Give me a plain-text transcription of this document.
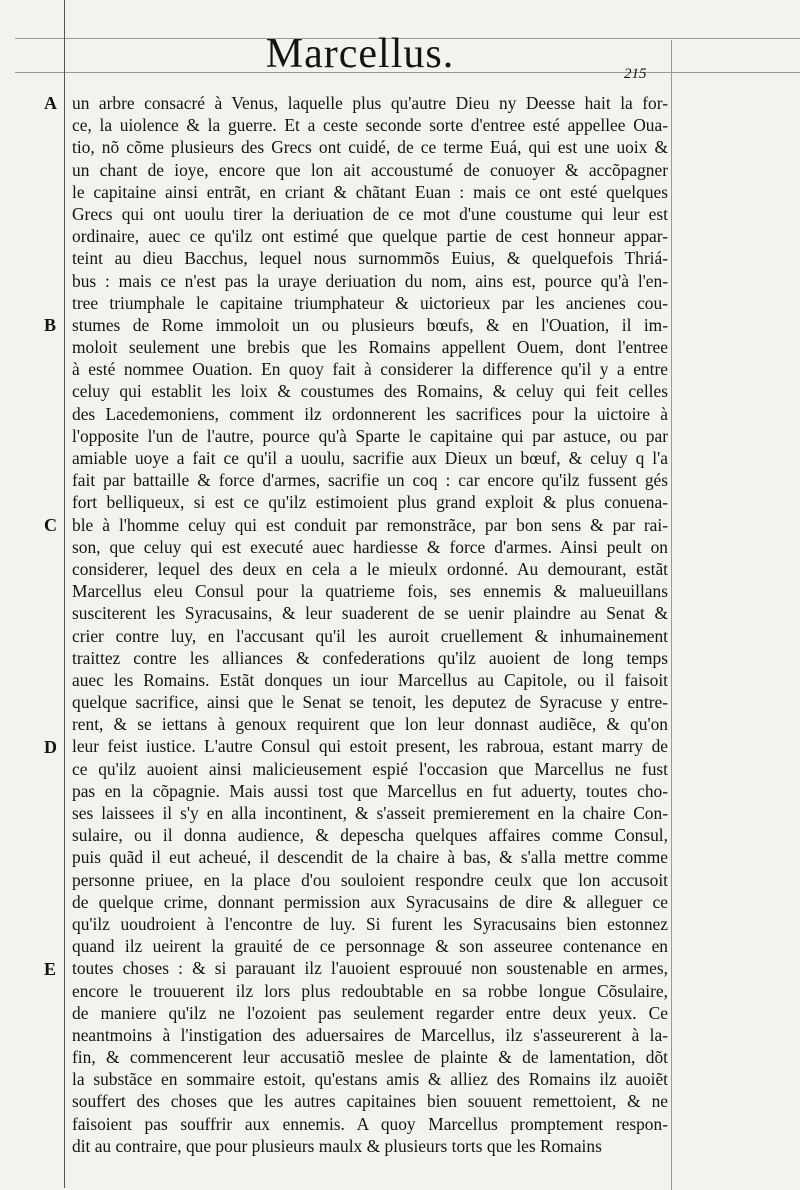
Marcellus.	215
A
B
C
D
E
un arbre consacré à Venus, laquelle plus qu'autre Dieu ny Deesse hait la for-
ce, la uiolence & la guerre. Et a ceste seconde sorte d'entree esté appellee Oua-
tio, nõ cõme plusieurs des Grecs ont cuidé, de ce terme Euá, qui est une uoix &
un chant de ioye, encore que lon ait accoustumé de conuoyer & accõpagner
le capitaine ainsi entrãt, en criant & chãtant Euan : mais ce ont esté quelques
Grecs qui ont uoulu tirer la deriuation de ce mot d'une coustume qui leur est
ordinaire, auec ce qu'ilz ont estimé que quelque partie de cest honneur appar-
teint au dieu Bacchus, lequel nous surnommõs Euius, & quelquefois Thriá-
bus : mais ce n'est pas la uraye deriuation du nom, ains est, pource qu'à l'en-
tree triumphale le capitaine triumphateur & uictorieux par les ancienes cou-
stumes de Rome immoloit un ou plusieurs bœufs, & en l'Ouation, il im-
moloit seulement une brebis que les Romains appellent Ouem, dont l'entree
à esté nommee Ouation. En quoy fait à considerer la difference qu'il y a entre
celuy qui establit les loix & coustumes des Romains, & celuy qui feit celles
des Lacedemoniens, comment ilz ordonnerent les sacrifices pour la uictoire à
l'opposite l'un de l'autre, pource qu'à Sparte le capitaine qui par astuce, ou par
amiable uoye a fait ce qu'il a uoulu, sacrifie aux Dieux un bœuf, & celuy q l'a
fait par battaille & force d'armes, sacrifie un coq : car encore qu'ilz fussent gés
fort belliqueux, si est ce qu'ilz estimoient plus grand exploit & plus conuena-
ble à l'homme celuy qui est conduit par remonstrãce, par bon sens & par rai-
son, que celuy qui est executé auec hardiesse & force d'armes. Ainsi peult on
considerer, lequel des deux en cela a le mieulx ordonné. Au demourant, estãt
Marcellus eleu Consul pour la quatrieme fois, ses ennemis & malueuillans
susciterent les Syracusains, & leur suaderent de se uenir plaindre au Senat &
crier contre luy, en l'accusant qu'il les auroit cruellement & inhumainement
traittez contre les alliances & confederations qu'ilz auoient de long temps
auec les Romains. Estãt donques un iour Marcellus au Capitole, ou il faisoit
quelque sacrifice, ainsi que le Senat se tenoit, les deputez de Syracuse y entre-
rent, & se iettans à genoux requirent que lon leur donnast audiẽce, & qu'on
leur feist iustice. L'autre Consul qui estoit present, les rabroua, estant marry de
ce qu'ilz auoient ainsi malicieusement espié l'occasion que Marcellus ne fust
pas en la cõpagnie. Mais aussi tost que Marcellus en fut aduerty, toutes cho-
ses laissees il s'y en alla incontinent, & s'asseit premierement en la chaire Con-
sulaire, ou il donna audience, & depescha quelques affaires comme Consul,
puis quãd il eut acheué, il descendit de la chaire à bas, & s'alla mettre comme
personne priuee, en la place d'ou souloient respondre ceulx que lon accusoit
de quelque crime, donnant permission aux Syracusains de dire & alleguer ce
qu'ilz uoudroient à l'encontre de luy. Si furent les Syracusains bien estonnez
quand ilz ueirent la grauité de ce personnage & son asseuree contenance en
toutes choses : & si parauant ilz l'auoient esprouué non soustenable en armes,
encore le trouuerent ilz lors plus redoubtable en sa robbe longue Cõsulaire,
de maniere qu'ilz ne l'ozoient pas seulement regarder entre deux yeux. Ce
neantmoins à l'instigation des aduersaires de Marcellus, ilz s'asseurerent à la-
fin, & commencerent leur accusatiõ meslee de plainte & de lamentation, dõt
la substãce en sommaire estoit, qu'estans amis & alliez des Romains ilz auoiẽt
souffert des choses que les autres capitaines bien souuent remettoient, & ne
faisoient pas souffrir aux ennemis. A quoy Marcellus promptement respon-
dit au contraire, que pour plusieurs maulx & plusieurs torts que les Romains
